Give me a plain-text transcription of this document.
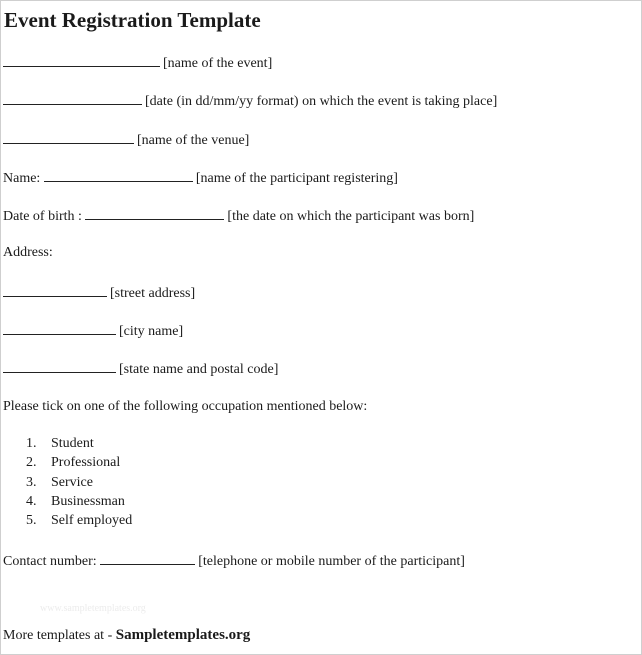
Event Registration Template
[name of the event]
[date (in dd/mm/yy format) on which the event is taking place]
[name of the venue]
Name:	[name of the participant registering]
Date of birth :	[the date on which the participant was born]
Address:
[street address]
[city name]
[state name and postal code]
Please tick on one of the following occupation mentioned below:
1. Student
2. Professional
3. Service
4. Businessman
5. Self employed
Contact number:	[telephone or mobile number of the participant]
www.sampletemplates.org
More templates at - Sampletemplates.org
